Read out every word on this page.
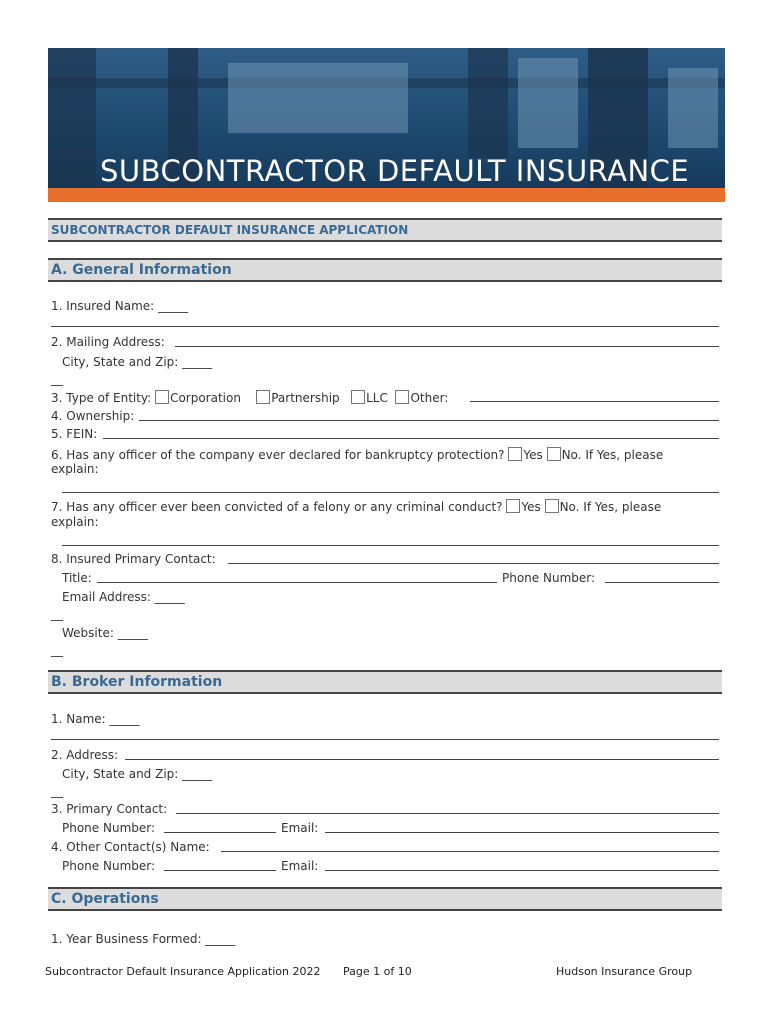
SUBCONTRACTOR DEFAULT INSURANCE
SUBCONTRACTOR DEFAULT INSURANCE APPLICATION
A. General Information
1. Insured Name: _____
2. Mailing Address:
City, State and Zip: _____
__
3. Type of Entity: Corporation	Partnership LLC Other:
4. Ownership:
5. FEIN:
6. Has any officer of the company ever declared for bankruptcy protection? Yes No. If Yes, please
explain:
7. Has any officer ever been convicted of a felony or any criminal conduct? Yes No. If Yes, please
explain:
8. Insured Primary Contact:
Title:	Phone Number:
Email Address: _____
__
Website: _____
__
B. Broker Information
1. Name: _____
2. Address:
City, State and Zip: _____
__
3. Primary Contact:
Phone Number:	Email:
4. Other Contact(s) Name:
Phone Number:	Email:
C. Operations
1. Year Business Formed: _____
Subcontractor Default Insurance Application 2022 Page 1 of 10	Hudson Insurance Group
